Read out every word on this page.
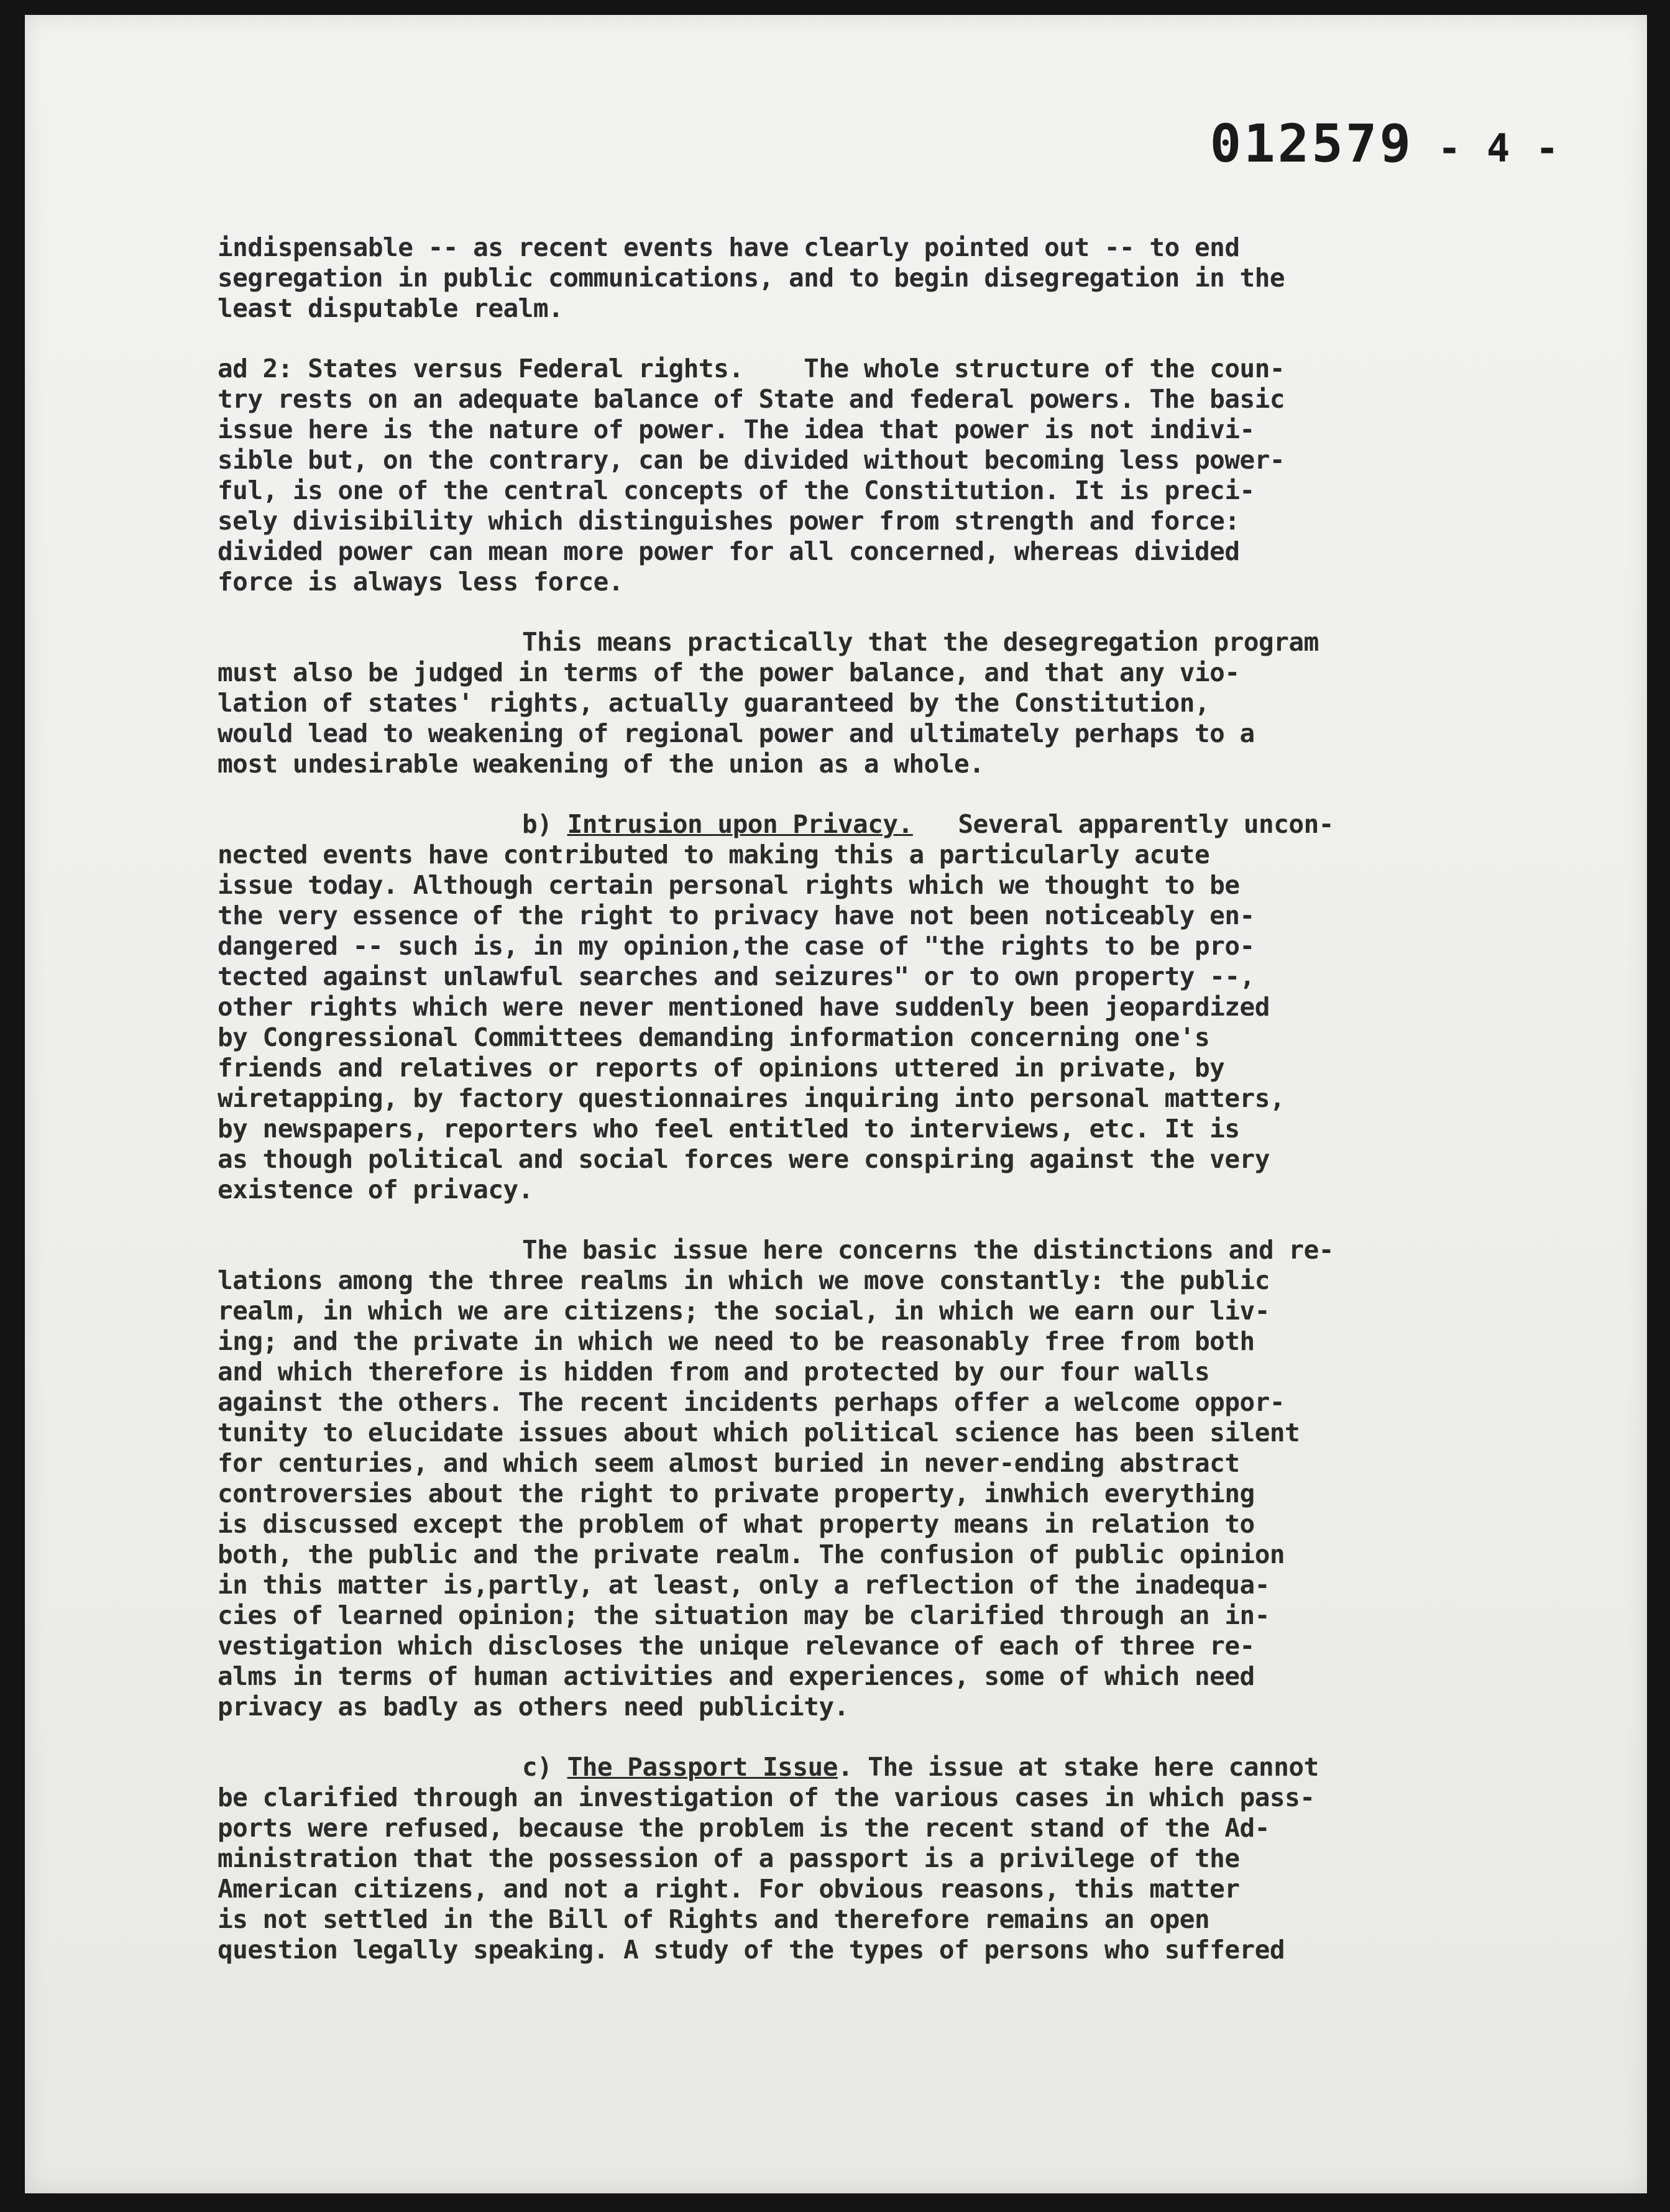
012579 - 4 -
indispensable -- as recent events have clearly pointed out -- to end
segregation in public communications, and to begin disegregation in the
least disputable realm.
ad 2: States versus Federal rights.    The whole structure of the coun-
try rests on an adequate balance of State and federal powers. The basic
issue here is the nature of power. The idea that power is not indivi-
sible but, on the contrary, can be divided without becoming less power-
ful, is one of the central concepts of the Constitution. It is preci-
sely divisibility which distinguishes power from strength and force:
divided power can mean more power for all concerned, whereas divided
force is always less force.
This means practically that the desegregation program
must also be judged in terms of the power balance, and that any vio-
lation of states' rights, actually guaranteed by the Constitution,
would lead to weakening of regional power and ultimately perhaps to a
most undesirable weakening of the union as a whole.
b) Intrusion upon Privacy.   Several apparently uncon-
nected events have contributed to making this a particularly acute
issue today. Although certain personal rights which we thought to be
the very essence of the right to privacy have not been noticeably en-
dangered -- such is, in my opinion,the case of "the rights to be pro-
tected against unlawful searches and seizures" or to own property --,
other rights which were never mentioned have suddenly been jeopardized
by Congressional Committees demanding information concerning one's
friends and relatives or reports of opinions uttered in private, by
wiretapping, by factory questionnaires inquiring into personal matters,
by newspapers, reporters who feel entitled to interviews, etc. It is
as though political and social forces were conspiring against the very
existence of privacy.
The basic issue here concerns the distinctions and re-
lations among the three realms in which we move constantly: the public
realm, in which we are citizens; the social, in which we earn our liv-
ing; and the private in which we need to be reasonably free from both
and which therefore is hidden from and protected by our four walls
against the others. The recent incidents perhaps offer a welcome oppor-
tunity to elucidate issues about which political science has been silent
for centuries, and which seem almost buried in never-ending abstract
controversies about the right to private property, inwhich everything
is discussed except the problem of what property means in relation to
both, the public and the private realm. The confusion of public opinion
in this matter is,partly, at least, only a reflection of the inadequa-
cies of learned opinion; the situation may be clarified through an in-
vestigation which discloses the unique relevance of each of three re-
alms in terms of human activities and experiences, some of which need
privacy as badly as others need publicity.
c) The Passport Issue. The issue at stake here cannot
be clarified through an investigation of the various cases in which pass-
ports were refused, because the problem is the recent stand of the Ad-
ministration that the possession of a passport is a privilege of the
American citizens, and not a right. For obvious reasons, this matter
is not settled in the Bill of Rights and therefore remains an open
question legally speaking. A study of the types of persons who suffered
